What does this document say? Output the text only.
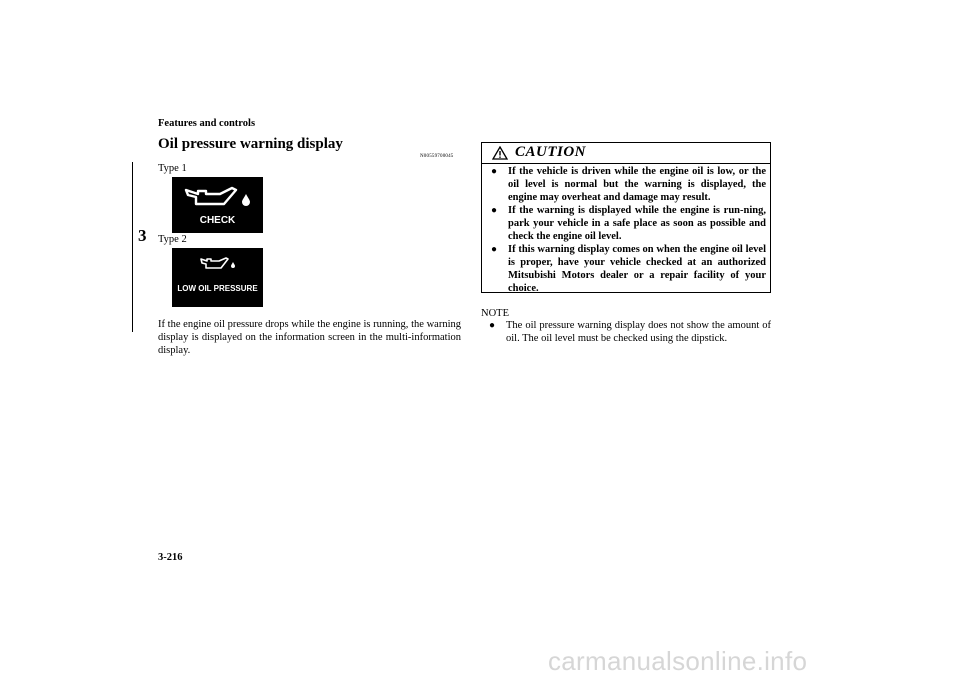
Features and controls
3
Oil pressure warning display
N00559700045
Type 1
CHECK
Type 2
LOW OIL PRESSURE
If the engine oil pressure drops while the engine is running, the warning display is displayed on the information screen in the multi-information display.
CAUTION
● If the vehicle is driven while the engine oil is low, or the oil level is normal but the warning is displayed, the engine may overheat and damage may result.
● If the warning is displayed while the engine is run-ning, park your vehicle in a safe place as soon as possible and check the engine oil level.
● If this warning display comes on when the engine oil level is proper, have your vehicle checked at an authorized Mitsubishi Motors dealer or a repair facility of your choice.
NOTE
● The oil pressure warning display does not show the amount of oil. The oil level must be checked using the dipstick.
3-216
carmanualsonline.info
